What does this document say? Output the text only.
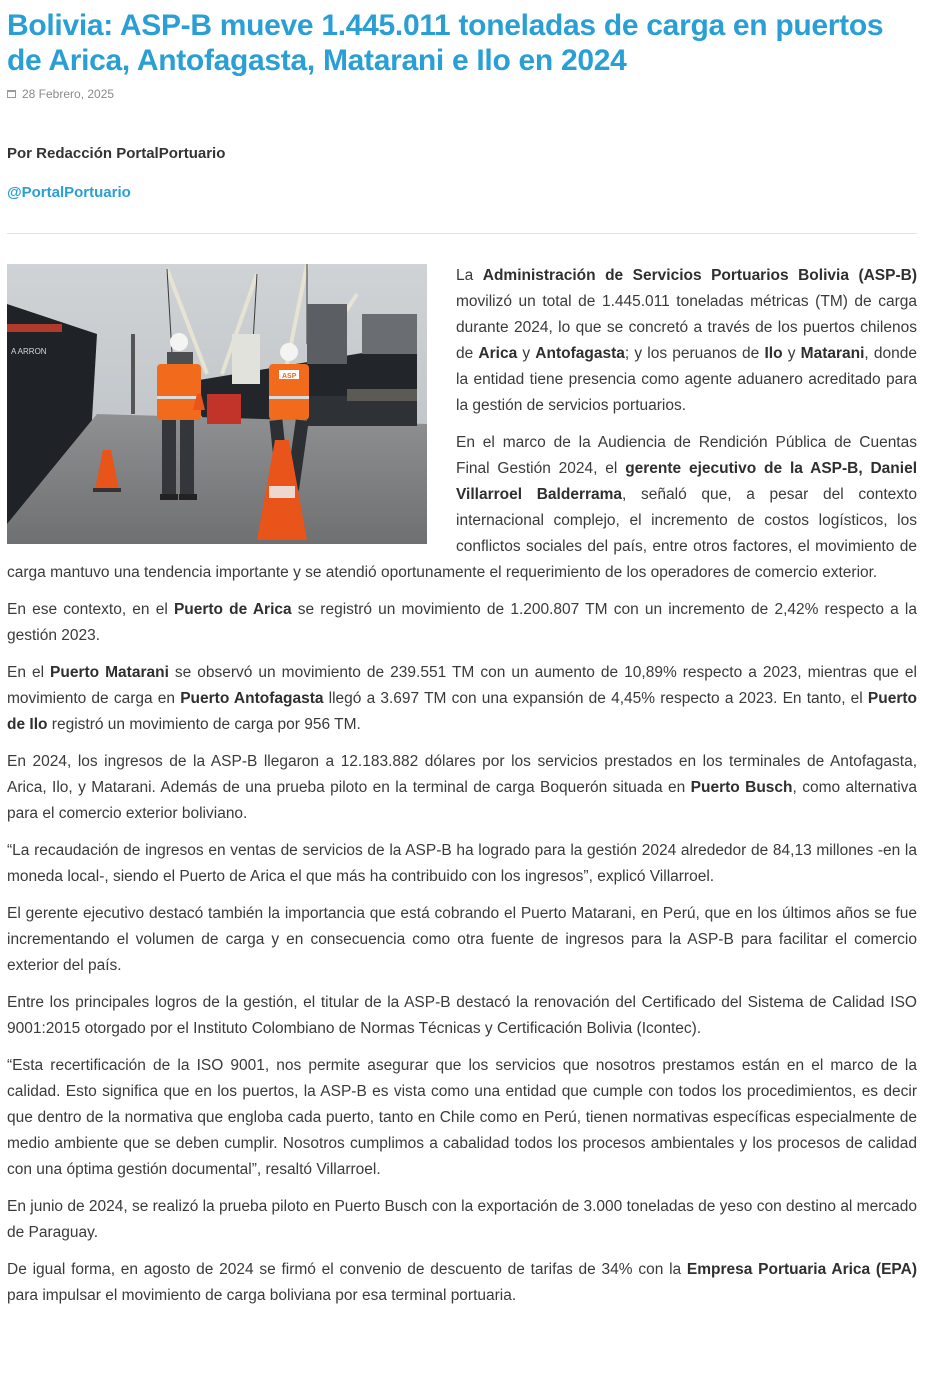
Bolivia: ASP-B mueve 1.445.011 toneladas de carga en puertos de Arica, Antofagasta, Matarani e Ilo en 2024
28 Febrero, 2025
Por Redacción PortalPortuario
@PortalPortuario
A ARRON
ASP

La Administración de Servicios Portuarios Bolivia (ASP-B) movilizó un total de 1.445.011 toneladas métricas (TM) de carga durante 2024, lo que se concretó a través de los puertos chilenos de Arica y Antofagasta; y los peruanos de Ilo y Matarani, donde la entidad tiene presencia como agente aduanero acreditado para la gestión de servicios portuarios.

En el marco de la Audiencia de Rendición Pública de Cuentas Final Gestión 2024, el gerente ejecutivo de la ASP-B, Daniel Villarroel Balderrama, señaló que, a pesar del contexto internacional complejo, el incremento de costos logísticos, los conflictos sociales del país, entre otros factores, el movimiento de carga mantuvo una tendencia importante y se atendió oportunamente el requerimiento de los operadores de comercio exterior.

En ese contexto, en el Puerto de Arica se registró un movimiento de 1.200.807 TM con un incremento de 2,42% respecto a la gestión 2023.

En el Puerto Matarani se observó un movimiento de 239.551 TM con un aumento de 10,89% respecto a 2023, mientras que el movimiento de carga en Puerto Antofagasta llegó a 3.697 TM con una expansión de 4,45% respecto a 2023. En tanto, el Puerto de Ilo registró un movimiento de carga por 956 TM.

En 2024, los ingresos de la ASP-B llegaron a 12.183.882 dólares por los servicios prestados en los terminales de Antofagasta, Arica, Ilo, y Matarani. Además de una prueba piloto en la terminal de carga Boquerón situada en Puerto Busch, como alternativa para el comercio exterior boliviano.

“La recaudación de ingresos en ventas de servicios de la ASP-B ha logrado para la gestión 2024 alrededor de 84,13 millones -en la moneda local-, siendo el Puerto de Arica el que más ha contribuido con los ingresos”, explicó Villarroel.

El gerente ejecutivo destacó también la importancia que está cobrando el Puerto Matarani, en Perú, que en los últimos años se fue incrementando el volumen de carga y en consecuencia como otra fuente de ingresos para la ASP-B para facilitar el comercio exterior del país.

Entre los principales logros de la gestión, el titular de la ASP-B destacó la renovación del Certificado del Sistema de Calidad ISO 9001:2015 otorgado por el Instituto Colombiano de Normas Técnicas y Certificación Bolivia (Icontec).

“Esta recertificación de la ISO 9001, nos permite asegurar que los servicios que nosotros prestamos están en el marco de la calidad. Esto significa que en los puertos, la ASP-B es vista como una entidad que cumple con todos los procedimientos, es decir que dentro de la normativa que engloba cada puerto, tanto en Chile como en Perú, tienen normativas específicas especialmente de medio ambiente que se deben cumplir. Nosotros cumplimos a cabalidad todos los procesos ambientales y los procesos de calidad con una óptima gestión documental”, resaltó Villarroel.

En junio de 2024, se realizó la prueba piloto en Puerto Busch con la exportación de 3.000 toneladas de yeso con destino al mercado de Paraguay.

De igual forma, en agosto de 2024 se firmó el convenio de descuento de tarifas de 34% con la Empresa Portuaria Arica (EPA) para impulsar el movimiento de carga boliviana por esa terminal portuaria.
